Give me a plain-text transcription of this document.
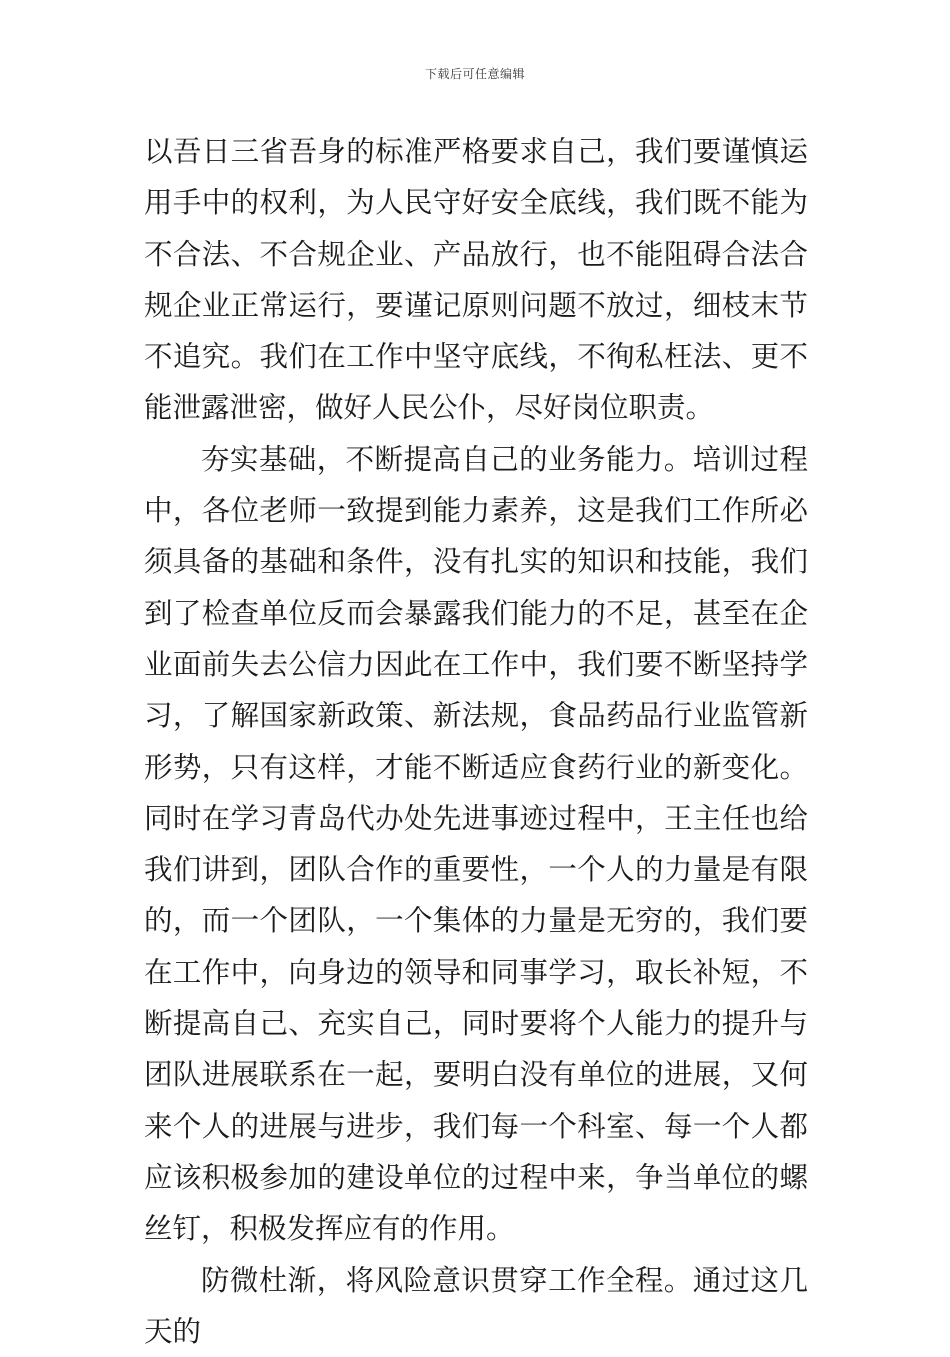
下载后可任意编辑

以吾日三省吾身的标准严格要求自己，我们要谨慎运用手中的权利，为人民守好安全底线，我们既不能为不合法、不合规企业、产品放行，也不能阻碍合法合规企业正常运行，要谨记原则问题不放过，细枝末节不追究。我们在工作中坚守底线，不徇私枉法、更不能泄露泄密，做好人民公仆，尽好岗位职责。

夯实基础，不断提高自己的业务能力。培训过程中，各位老师一致提到能力素养，这是我们工作所必须具备的基础和条件，没有扎实的知识和技能，我们到了检查单位反而会暴露我们能力的不足，甚至在企业面前失去公信力因此在工作中，我们要不断坚持学习，了解国家新政策、新法规，食品药品行业监管新形势，只有这样，才能不断适应食药行业的新变化。同时在学习青岛代办处先进事迹过程中，王主任也给我们讲到，团队合作的重要性，一个人的力量是有限的，而一个团队，一个集体的力量是无穷的，我们要在工作中，向身边的领导和同事学习，取长补短，不断提高自己、充实自己，同时要将个人能力的提升与团队进展联系在一起，要明白没有单位的进展，又何来个人的进展与进步，我们每一个科室、每一个人都应该积极参加的建设单位的过程中来，争当单位的螺丝钉，积极发挥应有的作用。

防微杜渐，将风险意识贯穿工作全程。通过这几天的
